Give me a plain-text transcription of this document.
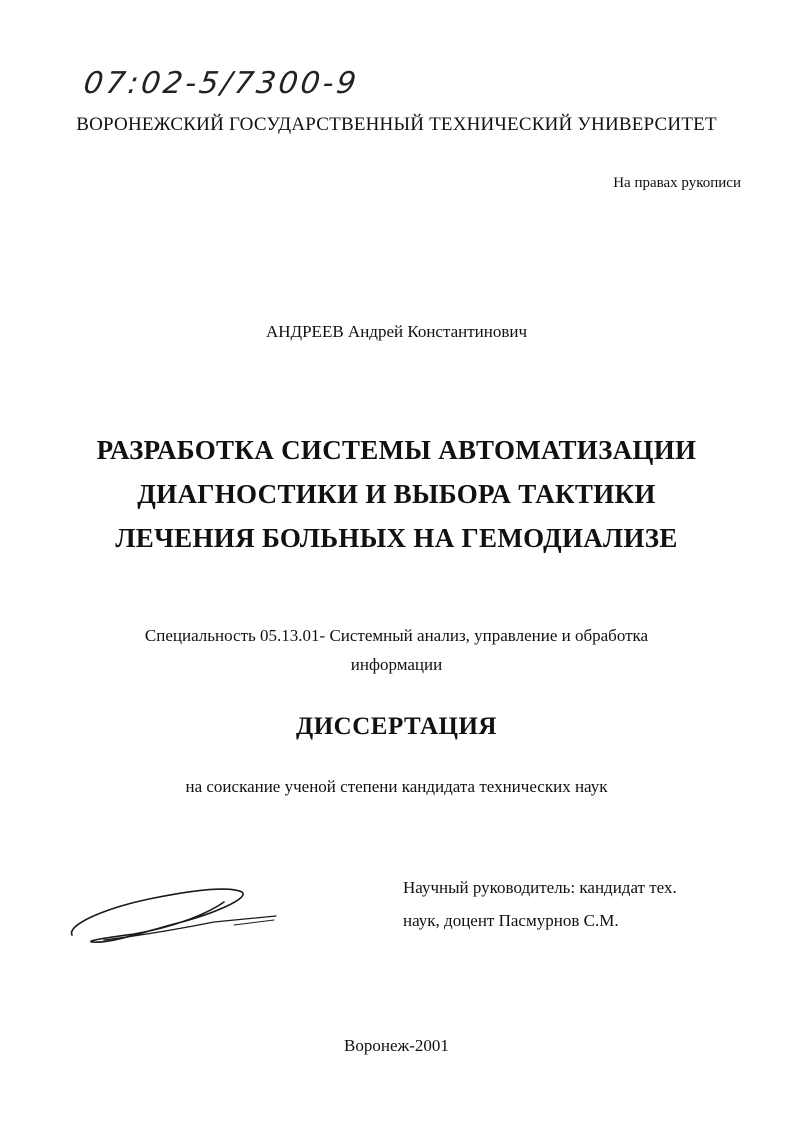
07:02-5/7300-9
ВОРОНЕЖСКИЙ ГОСУДАРСТВЕННЫЙ ТЕХНИЧЕСКИЙ УНИВЕРСИТЕТ
На правах рукописи
АНДРЕЕВ Андрей Константинович
РАЗРАБОТКА СИСТЕМЫ АВТОМАТИЗАЦИИ
ДИАГНОСТИКИ И ВЫБОРА ТАКТИКИ
ЛЕЧЕНИЯ БОЛЬНЫХ НА ГЕМОДИАЛИЗЕ
Специальность 05.13.01- Системный анализ, управление и обработка
информации
ДИССЕРТАЦИЯ
на соискание ученой степени кандидата технических наук
Научный руководитель: кандидат тех.
наук, доцент Пасмурнов С.М.
Воронеж-2001
